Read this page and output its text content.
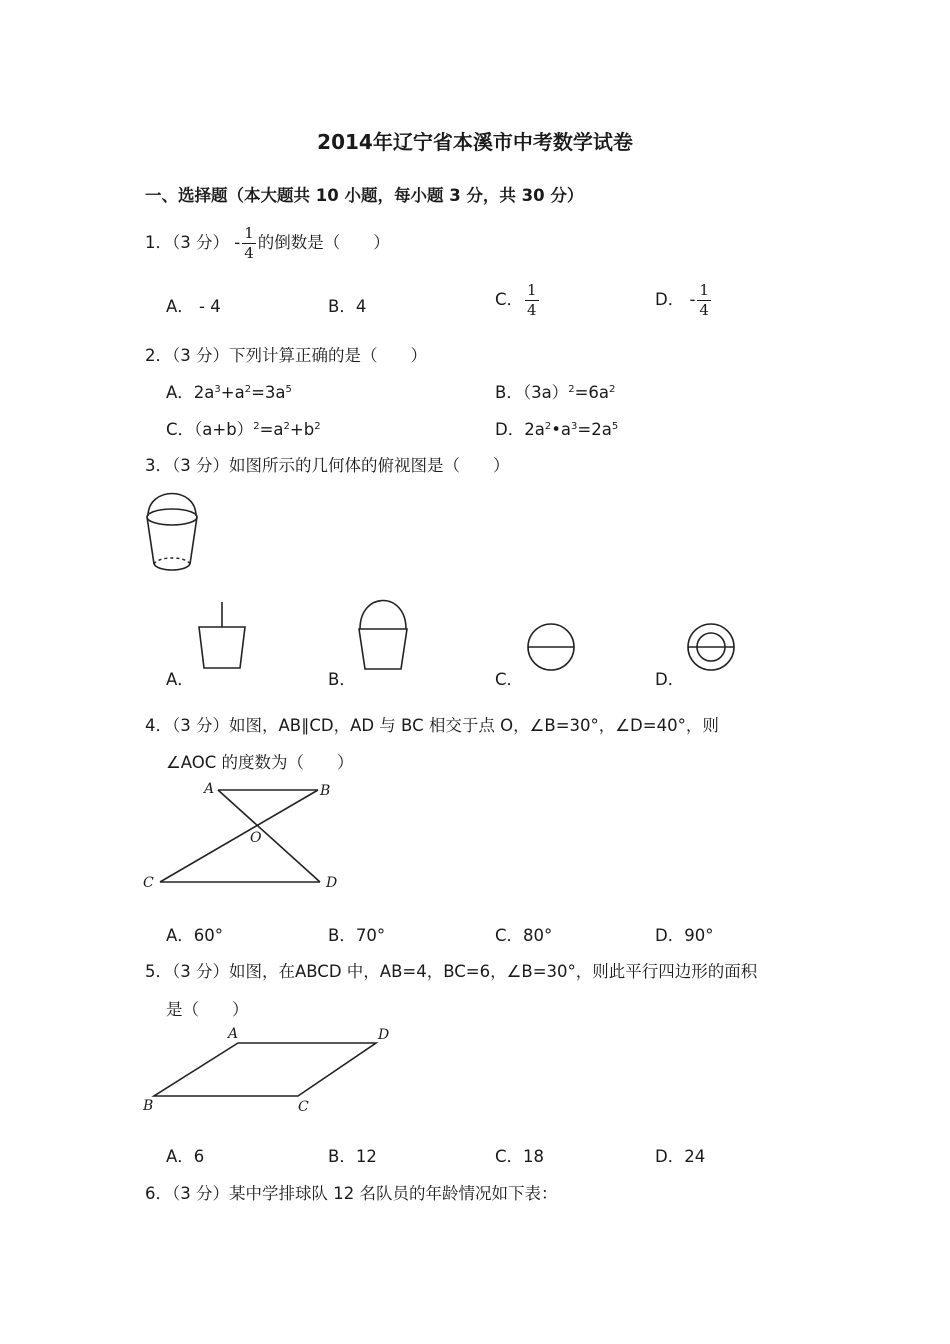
2014年辽宁省本溪市中考数学试卷
一、选择题（本大题共 10 小题，每小题 3 分，共 30 分）
1．（3 分） - $\frac{1}{4}$ 的倒数是（　　）
A． - 4	B．4	C． $\frac{1}{4}$	D． - $\frac{1}{4}$
2．（3 分）下列计算正确的是（　　）
A．$2a^3+a^2=3a^5$	B．$(3a)^2=6a^2$
C．$(a+b)^2=a^2+b^2$	D．$2a^2•a^3=2a^5$
3．（3 分）如图所示的几何体的俯视图是（　　）
A．	B．	C．	D．
4．（3 分）如图，AB∥CD，AD 与 BC 相交于点 O，∠B=30°，∠D=40°，则
∠AOC 的度数为（　　）
A	B
O
C	D
A．60°	B．70°	C．80°	D．90°
5．（3 分）如图，在ABCD 中，AB=4，BC=6，∠B=30°，则此平行四边形的面积
是（　　）
A	D
B	C
A．6	B．12	C．18	D．24
6．（3 分）某中学排球队 12 名队员的年龄情况如下表：
